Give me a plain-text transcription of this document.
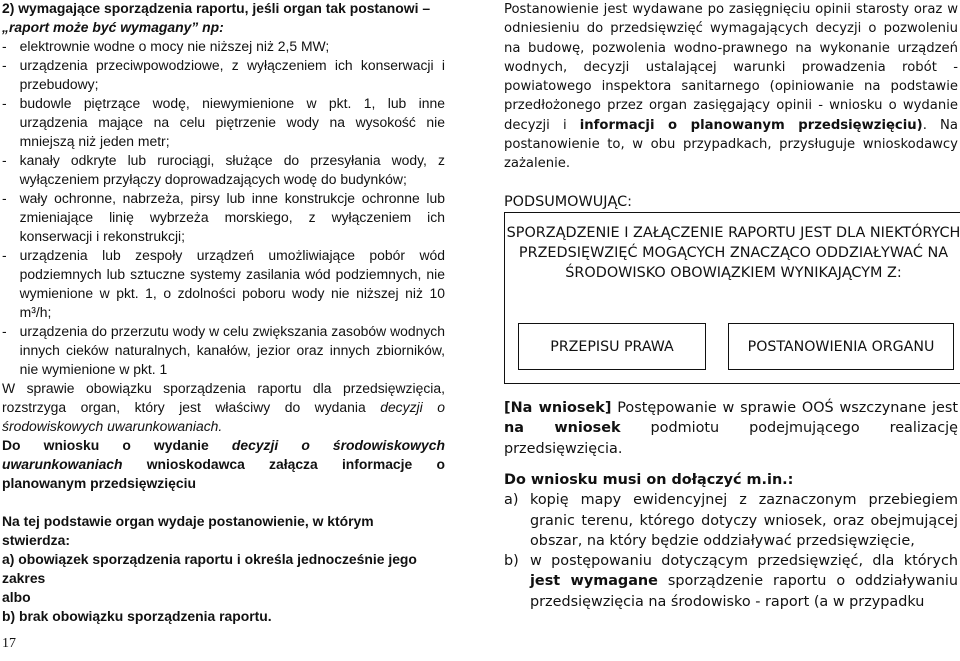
2) wymagające sporządzenia raportu, jeśli organ tak postanowi –

„raport może być wymagany” np:

- elektrownie wodne o mocy nie niższej niż 2,5 MW;
- urządzenia przeciwpowodziowe, z wyłączeniem ich konserwacji i przebudowy;
- budowle piętrzące wodę, niewymienione w pkt. 1, lub inne urządzenia mające na celu piętrzenie wody na wysokość nie mniejszą niż jeden metr;
- kanały odkryte lub rurociągi, służące do przesyłania wody, z wyłączeniem przyłączy doprowadzających wodę do budynków;
- wały ochronne, nabrzeża, pirsy lub inne konstrukcje ochronne lub zmieniające linię wybrzeża morskiego, z wyłączeniem ich konserwacji i rekonstrukcji;
- urządzenia lub zespoły urządzeń umożliwiające pobór wód podziemnych lub sztuczne systemy zasilania wód podziemnych, nie wymienione w pkt. 1, o zdolności poboru wody nie niższej niż 10 m³/h;
- urządzenia do przerzutu wody w celu zwiększania zasobów wodnych innych cieków naturalnych, kanałów, jezior oraz innych zbiorników, nie wymienione w pkt. 1

W sprawie obowiązku sporządzenia raportu dla przedsięwzięcia, rozstrzyga organ, który jest właściwy do wydania decyzji o środowiskowych uwarunkowaniach.

Do wniosku o wydanie decyzji o środowiskowych uwarunkowaniach wnioskodawca załącza informacje o planowanym przedsięwzięciu

Na tej podstawie organ wydaje postanowienie, w którym stwierdza:

a) obowiązek sporządzenia raportu i określa jednocześnie jego zakres

albo

b) brak obowiązku sporządzenia raportu.

Postanowienie jest wydawane po zasięgnięciu opinii starosty oraz w odniesieniu do przedsięwzięć wymagających decyzji o pozwoleniu na budowę, pozwolenia wodno-prawnego na wykonanie urządzeń wodnych, decyzji ustalającej warunki prowadzenia robót - powiatowego inspektora sanitarnego (opiniowanie na podstawie przedłożonego przez organ zasięgający opinii - wniosku o wydanie decyzji i informacji o planowanym przedsięwzięciu). Na postanowienie to, w obu przypadkach, przysługuje wnioskodawcy zażalenie.

PODSUMOWUJĄC:

SPORZĄDZENIE I ZAŁĄCZENIE RAPORTU JEST DLA NIEKTÓRYCH PRZEDSIĘWZIĘĆ MOGĄCYCH ZNACZĄCO ODDZIAŁYWAĆ NA ŚRODOWISKO OBOWIĄZKIEM WYNIKAJĄCYM Z:
PRZEPISU PRAWA	POSTANOWIENIA ORGANU

[Na wniosek] Postępowanie w sprawie OOŚ wszczynane jest na wniosek podmiotu podejmującego realizację przedsięwzięcia.

Do wniosku musi on dołączyć m.in.:

a) kopię mapy ewidencyjnej z zaznaczonym przebiegiem granic terenu, którego dotyczy wniosek, oraz obejmującej obszar, na który będzie oddziaływać przedsięwzięcie,
b) w postępowaniu dotyczącym przedsięwzięć, dla których jest wymagane sporządzenie raportu o oddziaływaniu przedsięwzięcia na środowisko - raport (a w przypadku
17
